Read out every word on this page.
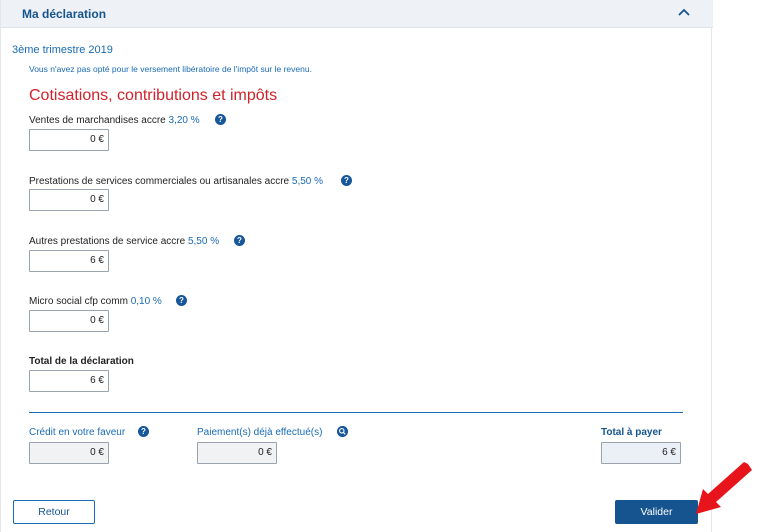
Ma déclaration
3ème trimestre 2019
Vous n'avez pas opté pour le versement libératoire de l'impôt sur le revenu.
Cotisations, contributions et impôts
Ventes de marchandises accre 3,20 %	?
0 €
Prestations de services commerciales ou artisanales accre 5,50 %	?
0 €
Autres prestations de service accre 5,50 %	?
6 €
Micro social cfp comm 0,10 %	?
0 €
Total de la déclaration
6 €
Crédit en votre faveur	?
0 €
Paiement(s) déjà effectué(s)
0 €
Total à payer
6 €
Retour	Valider
